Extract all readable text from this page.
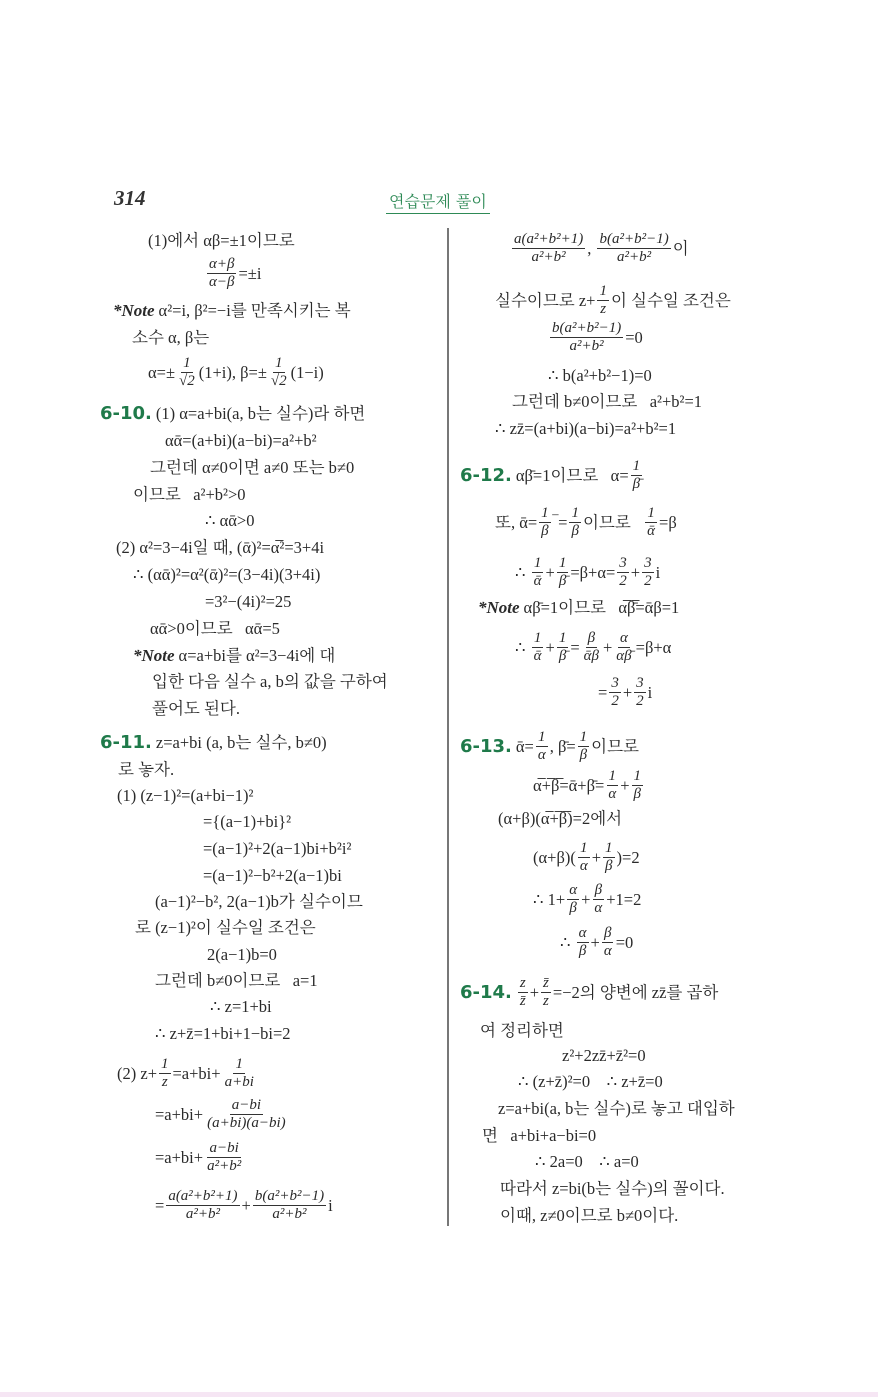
314	연습문제 풀이
(1)에서 αβ=±1이므로
$\frac{\alpha+\beta}{\alpha-\beta} =\pm i$
*Note α²=i, β²=−i를 만족시키는 복
소수 α, β는
$\alpha=\pm \frac{1}{√2} (1+i)$, $\beta=\pm \frac{1}{√2} (1-i)$
6-10. (1) α=a+bi(a, b는 실수)라 하면
αᾱ=(a+bi)(a−bi)=a²+b²
그런데 α≠0이면 a≠0 또는 b≠0
이므로   a²+b²>0
∴ αᾱ>0
(2) α²=3−4i일 때, (ᾱ)²=α̅²=3+4i
∴ (αᾱ)²=α²(ᾱ)²=(3−4i)(3+4i)
=3²−(4i)²=25
αᾱ>0이므로   αᾱ=5
*Note α=a+bi를 α²=3−4i에 대
입한 다음 실수 a, b의 값을 구하여
풀어도 된다.
6-11. z=a+bi (a, b는 실수, b≠0)
로 놓자.
(1) (z−1)²=(a+bi−1)²
={(a−1)+bi}²
=(a−1)²+2(a−1)bi+b²i²
=(a−1)²−b²+2(a−1)bi
(a−1)²−b², 2(a−1)b가 실수이므
로 (z−1)²이 실수일 조건은
2(a−1)b=0
그런데 b≠0이므로   a=1
∴ z=1+bi
∴ z+z̄=1+bi+1−bi=2
(2) $z+ \frac{1}{z} =a+bi+ \frac{1}{a+bi}$
$=a+bi+ \frac{a-bi}{(a+bi)(a-bi)}$
$=a+bi+ \frac{a-bi}{\text{a²+b²}}$
= $\frac{\text{a(a²+b²+1)}}{\text{a²+b²}} + \frac{\text{b(a²+b²−1)}}{\text{a²+b²}}$ i
$\frac{\text{a(a²+b²+1)}}{\text{a²+b²}}$ , $\frac{\text{b(a²+b²−1)}}{\text{a²+b²}}$ 이
실수이므로 $z+ \frac{1}{z}$ 이 실수일 조건은
$\frac{\text{b(a²+b²−1)}}{\text{a²+b²}} =0$
∴ b(a²+b²−1)=0
그런데 b≠0이므로   a²+b²=1
∴ zz̄=(a+bi)(a−bi)=a²+b²=1
6-12. αβ̄=1이므로   $\alpha= \frac{1}{\betā}$
또, ᾱ= $\frac{1}{\beta}$ ‾= $\frac{1}{\beta}$ 이므로 $\frac{1}{\text{ᾱ}} =\beta$
∴ $\frac{1}{\text{ᾱ}} + \frac{1}{\betā} =\beta+\alpha= \frac{3}{2} + \frac{3}{2}$ i
*Note αβ̄=1이므로   α̅β̄̅=ᾱβ=1
∴ $\frac{1}{\text{ᾱ}} + \frac{1}{\betā} = \frac{\beta}{\text{ᾱβ}} + \frac{\alpha}{\alpha\betā} =\beta+\alpha$
= $\frac{3}{2} + \frac{3}{2}$ i
6-13. ᾱ= $\frac{1}{\alpha}$ , β̄= $\frac{1}{\beta}$ 이므로
α̅+̅β̅=ᾱ+β̄= $\frac{1}{\alpha} + \frac{1}{\beta}$
(α+β)(α̅+̅β̅)=2에서
$(\alpha+\beta)( \frac{1}{\alpha} + \frac{1}{\beta} )=2$
∴ $1+ \frac{\alpha}{\beta} + \frac{\beta}{\alpha} +1=2$
∴ $\frac{\alpha}{\beta} + \frac{\beta}{\alpha} =0$
6-14. $\frac{z}{z̄} + \frac{z̄}{z} =-2$의 양변에 zz̄를 곱하
여 정리하면
z²+2zz̄+z̄²=0
∴ (z+z̄)²=0    ∴ z+z̄=0
z=a+bi(a, b는 실수)로 놓고 대입하
면   a+bi+a−bi=0
∴ 2a=0    ∴ a=0
따라서 z=bi(b는 실수)의 꼴이다.
이때, z≠0이므로 b≠0이다.
